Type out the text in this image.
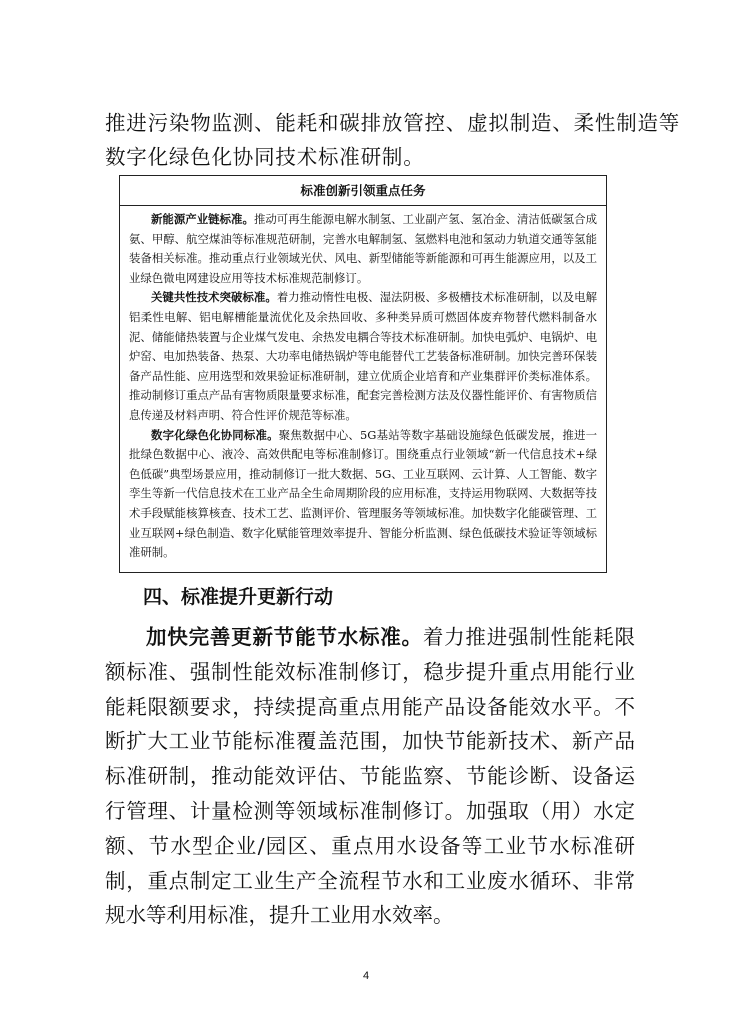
推进污染物监测、能耗和碳排放管控、虚拟制造、柔性制造等

数字化绿色化协同技术标准研制。

标准创新引领重点任务

新能源产业链标准。推动可再生能源电解水制氢、工业副产氢、氢冶金、清洁低碳氢合成氨、甲醇、航空煤油等标准规范研制，完善水电解制氢、氢燃料电池和氢动力轨道交通等氢能装备相关标准。推动重点行业领域光伏、风电、新型储能等新能源和可再生能源应用，以及工业绿色微电网建设应用等技术标准规范制修订。

关键共性技术突破标准。着力推动惰性电极、湿法阴极、多极槽技术标准研制，以及电解铝柔性电解、铝电解槽能量流优化及余热回收、多种类异质可燃固体废弃物替代燃料制备水泥、储能储热装置与企业煤气发电、余热发电耦合等技术标准研制。加快电弧炉、电锅炉、电炉窑、电加热装备、热泵、大功率电储热锅炉等电能替代工艺装备标准研制。加快完善环保装备产品性能、应用选型和效果验证标准研制，建立优质企业培育和产业集群评价类标准体系。推动制修订重点产品有害物质限量要求标准，配套完善检测方法及仪器性能评价、有害物质信息传递及材料声明、符合性评价规范等标准。

数字化绿色化协同标准。聚焦数据中心、5G基站等数字基础设施绿色低碳发展，推进一批绿色数据中心、液冷、高效供配电等标准制修订。围绕重点行业领域“新一代信息技术+绿色低碳”典型场景应用，推动制修订一批大数据、5G、工业互联网、云计算、人工智能、数字孪生等新一代信息技术在工业产品全生命周期阶段的应用标准，支持运用物联网、大数据等技术手段赋能核算核查、技术工艺、监测评价、管理服务等领域标准。加快数字化能碳管理、工业互联网+绿色制造、数字化赋能管理效率提升、智能分析监测、绿色低碳技术验证等领域标准研制。

四、标准提升更新行动

加快完善更新节能节水标准。着力推进强制性能耗限额标准、强制性能效标准制修订，稳步提升重点用能行业能耗限额要求，持续提高重点用能产品设备能效水平。不断扩大工业节能标准覆盖范围，加快节能新技术、新产品标准研制，推动能效评估、节能监察、节能诊断、设备运行管理、计量检测等领域标准制修订。加强取（用）水定额、节水型企业/园区、重点用水设备等工业节水标准研制，重点制定工业生产全流程节水和工业废水循环、非常规水等利用标准，提升工业用水效率。

4
